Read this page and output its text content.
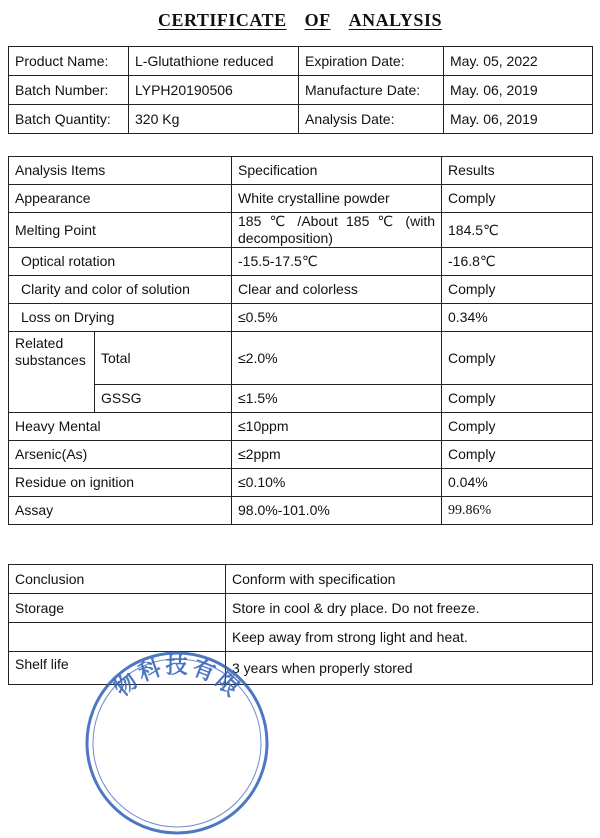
CERTIFICATE OF ANALYSIS
Product Name:	L-Glutathione reduced	Expiration Date:	May. 05, 2022
Batch Number:	LYPH20190506	Manufacture Date:	May. 06, 2019
Batch Quantity:	320 Kg	Analysis Date:	May. 06, 2019
Analysis Items		Specification	Results
Appearance		White crystalline powder	Comply
Melting Point		185 ℃ /About 185 ℃ (with decomposition)	184.5℃
Optical rotation		-15.5-17.5℃	-16.8℃
Clarity and color of solution		Clear and colorless	Comply
Loss on Drying		≤0.5%	0.34%
Related substances	Total	≤2.0%	Comply
	GSSG	≤1.5%	Comply
Heavy Mental		≤10ppm	Comply
Arsenic(As)		≤2ppm	Comply
Residue on ignition		≤0.10%	0.04%
Assay		98.0%-101.0%	99.86%
Conclusion	Conform with specification
Storage	Store in cool & dry place. Do not freeze.
	Keep away from strong light and heat.
Shelf life	3 years when properly stored
物科技有限
